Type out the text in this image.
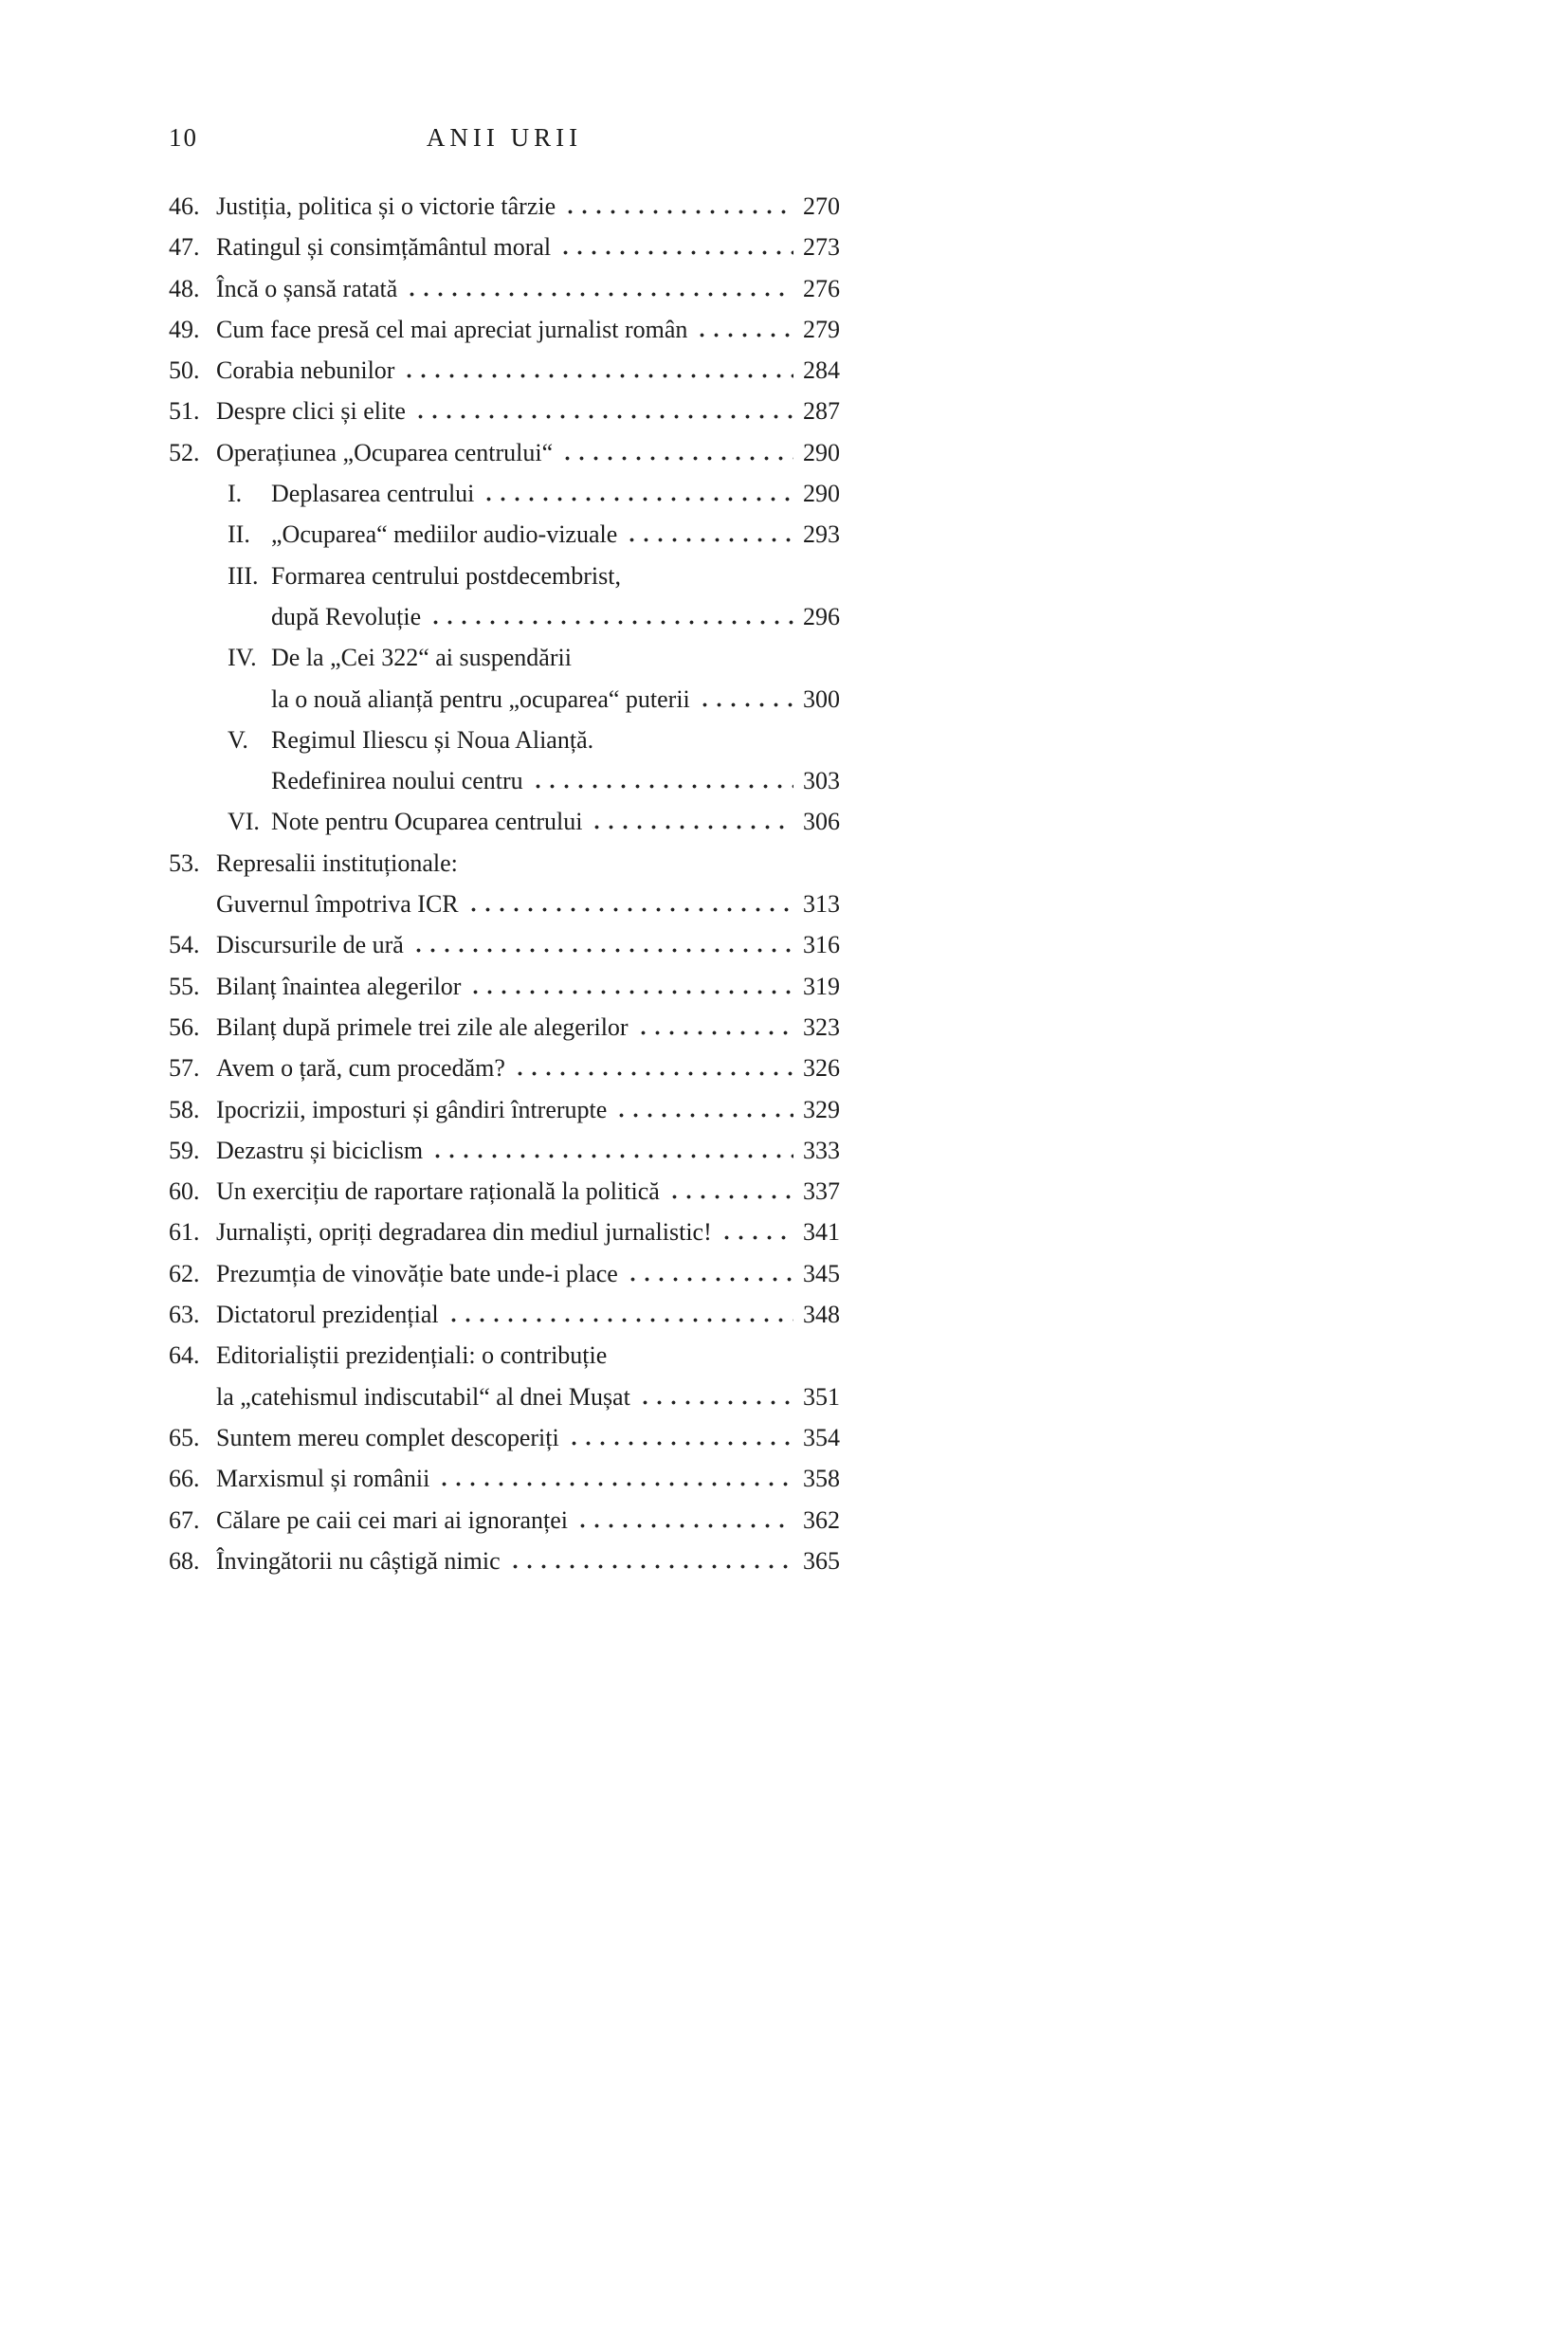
10	ANII URII
46. Justiția, politica și o victorie târzie	270
47. Ratingul și consimțământul moral	273
48. Încă o șansă ratată	276
49. Cum face presă cel mai apreciat jurnalist român	279
50. Corabia nebunilor	284
51. Despre clici și elite	287
52. Operațiunea „Ocuparea centrului“	290
I.	Deplasarea centrului	290
II. „Ocuparea“ mediilor audio-vizuale	293
III. Formarea centrului postdecembrist,
după Revoluție	296
IV. De la „Cei 322“ ai suspendării
la o nouă alianță pentru „ocuparea“ puterii	300
V. Regimul Iliescu și Noua Alianță.
Redefinirea noului centru	303
VI. Note pentru Ocuparea centrului	306
53. Represalii instituționale:
Guvernul împotriva ICR	313
54. Discursurile de ură	316
55. Bilanț înaintea alegerilor	319
56. Bilanț după primele trei zile ale alegerilor	323
57. Avem o țară, cum procedăm?	326
58. Ipocrizii, imposturi și gândiri întrerupte	329
59. Dezastru și biciclism	333
60. Un exercițiu de raportare rațională la politică	337
61. Jurnaliști, opriți degradarea din mediul jurnalistic!	341
62. Prezumția de vinovăție bate unde-i place	345
63. Dictatorul prezidențial	348
64. Editorialiștii prezidențiali: o contribuție
la „catehismul indiscutabil“ al dnei Mușat	351
65. Suntem mereu complet descoperiți	354
66. Marxismul și românii	358
67. Călare pe caii cei mari ai ignoranței	362
68. Învingătorii nu câștigă nimic	365
